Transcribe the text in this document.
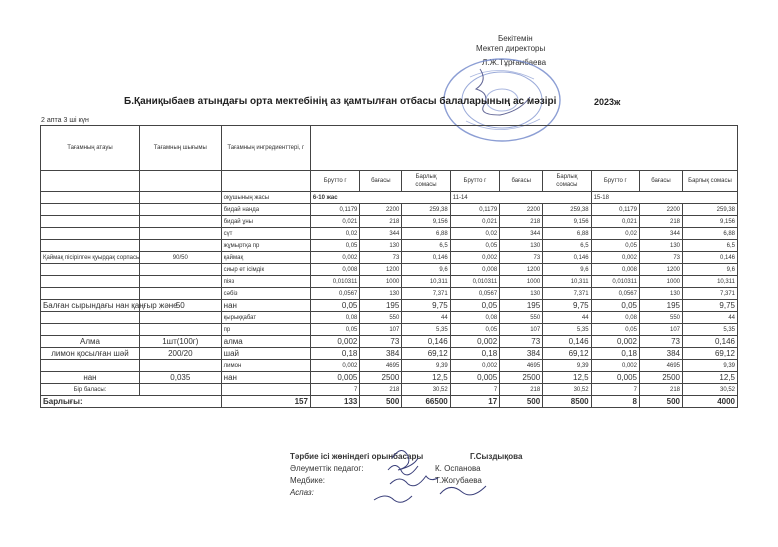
Бекітемін
Мектеп директоры
Л.Ж.Тұрғанбаева
Б.Қаниқыбаев атындағы орта мектебінің аз қамтылған отбасы балаларының ас мәзірі	2023ж
2 апта 3 ші күн
Тағамның атауы	Тағамның шығымы	Тағамның ингредиенттері, г									
			Брутто г	бағасы	Барлық сомасы	Брутто г	бағасы	Барлық сомасы	Брутто г	бағасы	Барлық сомасы
		оқушының жасы	6-10 жас			11-14			15-18		
		бидай нанда	0,1179	2200	259,38	0,1179	2200	259,38	0,1179	2200	259,38
		бидай ұны	0,021	218	9,156	0,021	218	9,156	0,021	218	9,156
		сүт	0,02	344	6,88	0,02	344	6,88	0,02	344	6,88
		жұмыртқа пр	0,05	130	6,5	0,05	130	6,5	0,05	130	6,5
Қаймақ пісірілген қуырдақ сорпасы	90/50	қаймақ	0,002	73	0,146	0,002	73	0,146	0,002	73	0,146
		сиыр ет ісімдік	0,008	1200	9,6	0,008	1200	9,6	0,008	1200	9,6
		піяз	0,010311	1000	10,311	0,010311	1000	10,311	0,010311	1000	10,311
		сәбіз	0,0567	130	7,371	0,0567	130	7,371	0,0567	130	7,371
Балған сырындағы нан қаңғыр және	50	нан	0,05	195	9,75	0,05	195	9,75	0,05	195	9,75
		қырыққабат	0,08	550	44	0,08	550	44	0,08	550	44
		пр	0,05	107	5,35	0,05	107	5,35	0,05	107	5,35
Алма	1шт(100г)	алма	0,002	73	0,146	0,002	73	0,146	0,002	73	0,146
лимон қосылған шәй	200/20	шай	0,18	384	69,12	0,18	384	69,12	0,18	384	69,12
		лимон	0,002	4695	9,39	0,002	4695	9,39	0,002	4695	9,39
нан	0,035	нан	0,005	2500	12,5	0,005	2500	12,5	0,005	2500	12,5
Бір баласы:			7	218	30,52	7	218	30,52	7	218	30,52
Барлығы:		157	133	500	66500	17	500	8500	8	500	4000
Тәрбие ісі жөніндегі орынбасары	Г.Сыздықова
Әлеуметтік педагог:	К. Оспанова
Медбике:	Т.Жогубаева
Аспаз:
